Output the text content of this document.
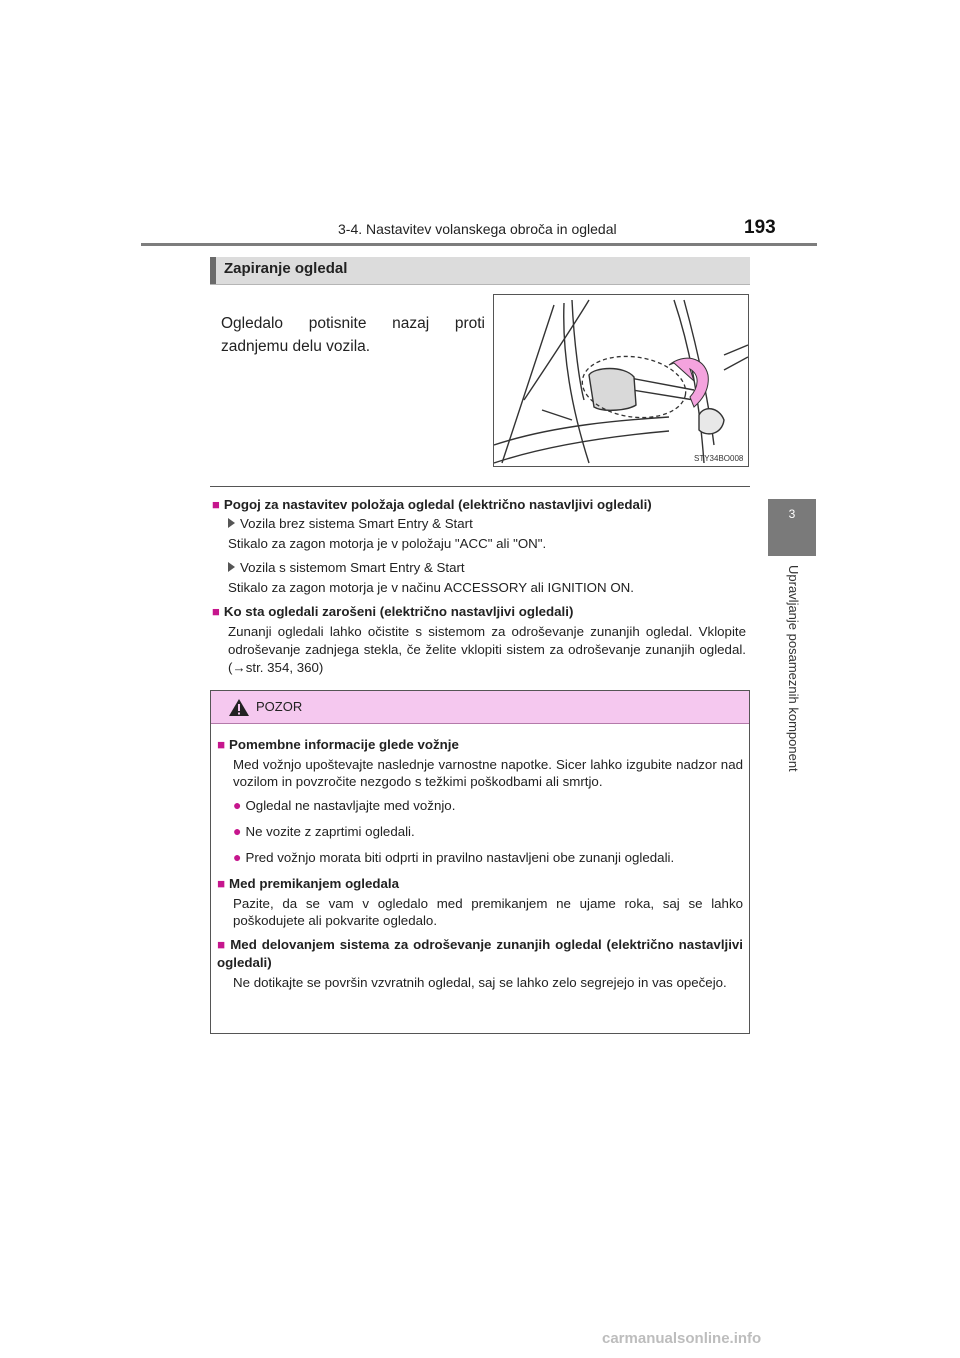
3-4. Nastavitev volanskega obroča in ogledal	193
3
Upravljanje posameznih komponent
Zapiranje ogledal
Ogledalo potisnite nazaj proti zadnjemu delu vozila.
STY34BO008
■ Pogoj za nastavitev položaja ogledal (električno nastavljivi ogledali)
Vozila brez sistema Smart Entry & Start
Stikalo za zagon motorja je v položaju "ACC" ali "ON".
Vozila s sistemom Smart Entry & Start
Stikalo za zagon motorja je v načinu ACCESSORY ali IGNITION ON.
■ Ko sta ogledali zarošeni (električno nastavljivi ogledali)
Zunanji ogledali lahko očistite s sistemom za odroševanje zunanjih ogledal. Vklopite odroševanje zadnjega stekla, če želite vklopiti sistem za odroševanje zunanjih ogledal. (→str. 354, 360)
POZOR
■ Pomembne informacije glede vožnje
Med vožnjo upoštevajte naslednje varnostne napotke. Sicer lahko izgubite nadzor nad vozilom in povzročite nezgodo s težkimi poškodbami ali smrtjo.
● Ogledal ne nastavljajte med vožnjo.
● Ne vozite z zaprtimi ogledali.
● Pred vožnjo morata biti odprti in pravilno nastavljeni obe zunanji ogledali.
■ Med premikanjem ogledala
Pazite, da se vam v ogledalo med premikanjem ne ujame roka, saj se lahko poškodujete ali pokvarite ogledalo.
■ Med delovanjem sistema za odroševanje zunanjih ogledal (električno nastavljivi ogledali)
Ne dotikajte se površin vzvratnih ogledal, saj se lahko zelo segrejejo in vas opečejo.
carmanualsonline.info
